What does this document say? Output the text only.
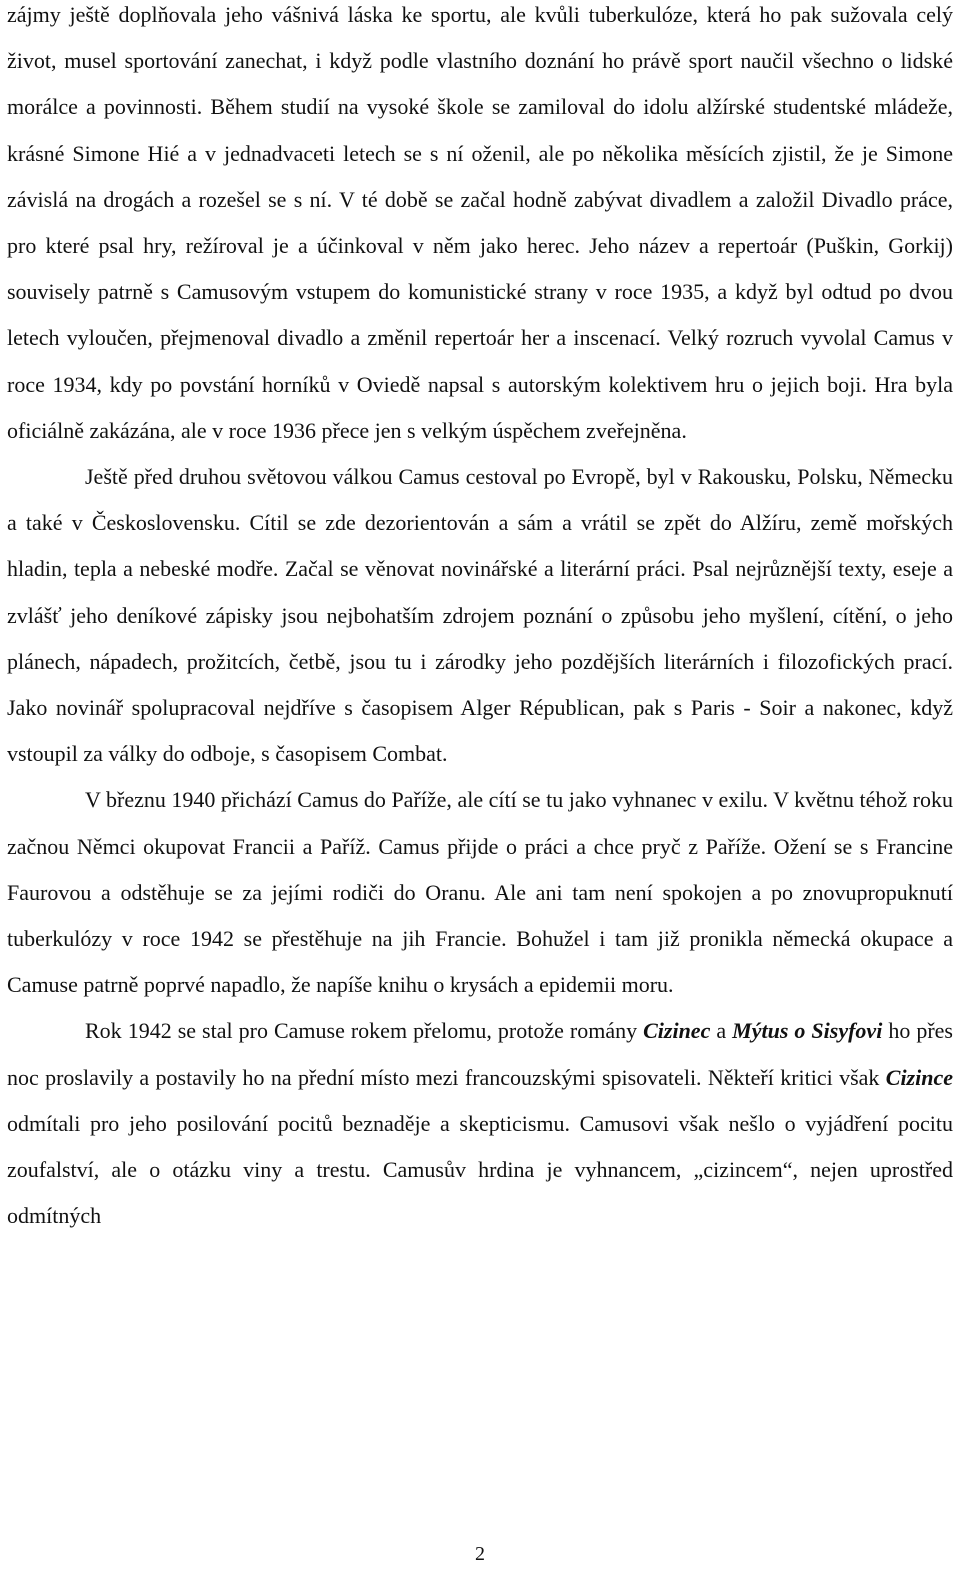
zájmy ještě doplňovala jeho vášnivá láska ke sportu, ale kvůli tuberkulóze, která ho pak sužovala celý život, musel sportování zanechat, i když podle vlastního doznání ho právě sport naučil všechno o lidské morálce a povinnosti. Během studií na vysoké škole se zamiloval do idolu alžírské studentské mládeže, krásné Simone Hié a v jednadvaceti letech se s ní oženil, ale po několika měsících zjistil, že je Simone závislá na drogách a rozešel se s ní. V té době se začal hodně zabývat divadlem a založil Divadlo práce, pro které psal hry, režíroval je a účinkoval v něm jako herec. Jeho název a repertoár (Puškin, Gorkij) souvisely patrně s Camusovým vstupem do komunistické strany v roce 1935, a když byl odtud po dvou letech vyloučen, přejmenoval divadlo a změnil repertoár her a inscenací. Velký rozruch vyvolal Camus v roce 1934, kdy po povstání horníků v Oviedě napsal s autorským kolektivem hru o jejich boji. Hra byla oficiálně zakázána, ale v roce 1936 přece jen s velkým úspěchem zveřejněna.

Ještě před druhou světovou válkou Camus cestoval po Evropě, byl v Rakousku, Polsku, Německu a také v Československu. Cítil se zde dezorientován a sám a vrátil se zpět do Alžíru, země mořských hladin, tepla a nebeské modře. Začal se věnovat novinářské a literární práci. Psal nejrůznější texty, eseje a zvlášť jeho deníkové zápisky jsou nejbohatším zdrojem poznání o způsobu jeho myšlení, cítění, o jeho plánech, nápadech, prožitcích, četbě, jsou tu i zárodky jeho pozdějších literárních i filozofických prací. Jako novinář spolupracoval nejdříve s časopisem Alger Républican, pak s Paris - Soir a nakonec, když vstoupil za války do odboje, s časopisem Combat.

V březnu 1940 přichází Camus do Paříže, ale cítí se tu jako vyhnanec v exilu. V květnu téhož roku začnou Němci okupovat Francii a Paříž. Camus přijde o práci a chce pryč z Paříže. Ožení se s Francine Faurovou a odstěhuje se za jejími rodiči do Oranu. Ale ani tam není spokojen a po znovupropuknutí tuberkulózy v roce 1942 se přestěhuje na jih Francie. Bohužel i tam již pronikla německá okupace a Camuse patrně poprvé napadlo, že napíše knihu o krysách a epidemii moru.

Rok 1942 se stal pro Camuse rokem přelomu, protože romány Cizinec a Mýtus o Sisyfovi ho přes noc proslavily a postavily ho na přední místo mezi francouzskými spisovateli. Někteří kritici však Cizince odmítali pro jeho posilování pocitů beznaděje a skepticismu. Camusovi však nešlo o vyjádření pocitu zoufalství, ale o otázku viny a trestu. Camusův hrdina je vyhnancem, „cizincem“, nejen uprostřed odmítných

2
